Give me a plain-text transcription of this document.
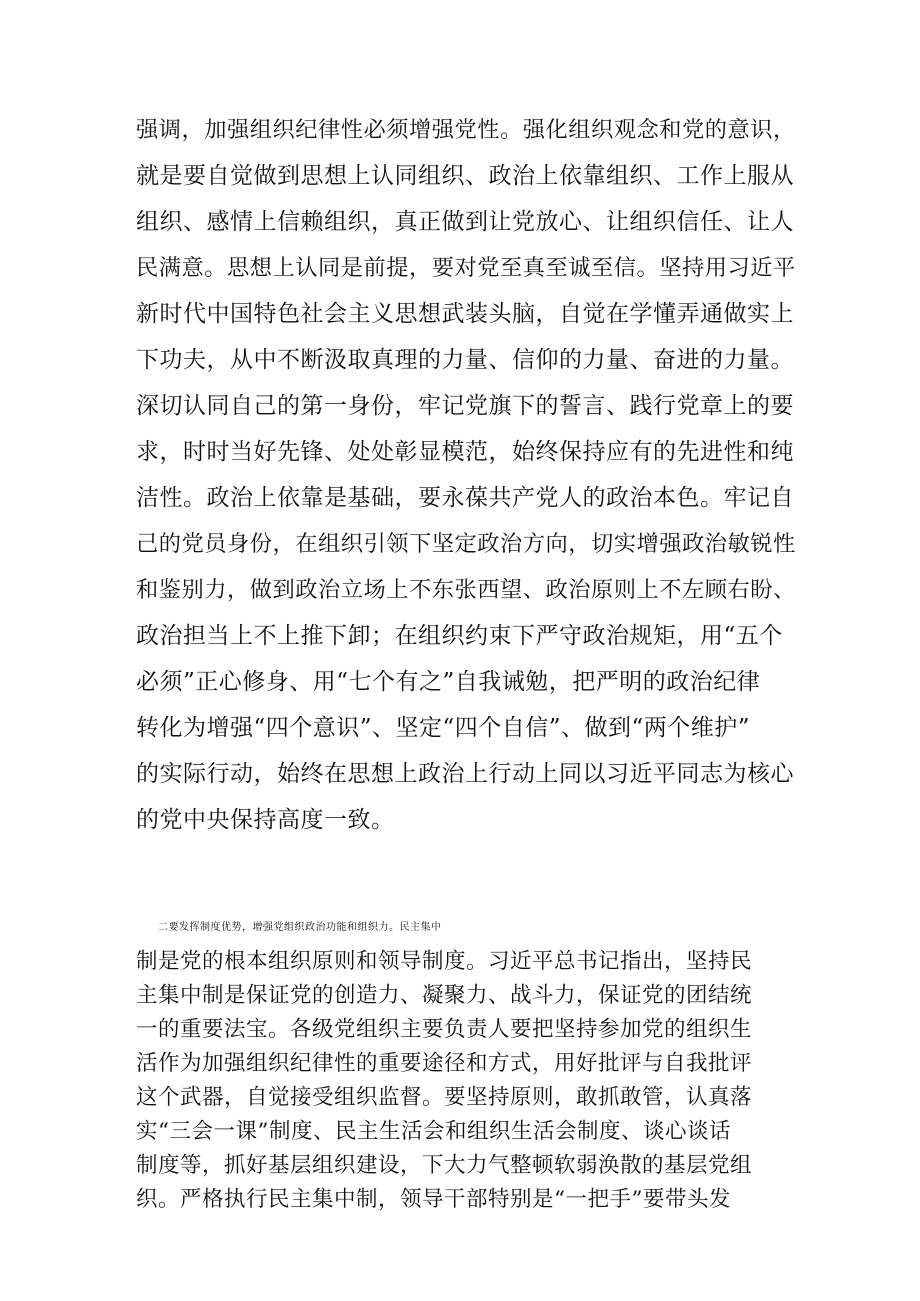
强调，加强组织纪律性必须增强党性。强化组织观念和党的意识，
就是要自觉做到思想上认同组织、政治上依靠组织、工作上服从
组织、感情上信赖组织，真正做到让党放心、让组织信任、让人
民满意。思想上认同是前提，要对党至真至诚至信。坚持用习近平
新时代中国特色社会主义思想武装头脑，自觉在学懂弄通做实上
下功夫，从中不断汲取真理的力量、信仰的力量、奋进的力量。
深切认同自己的第一身份，牢记党旗下的誓言、践行党章上的要
求，时时当好先锋、处处彰显模范，始终保持应有的先进性和纯
洁性。政治上依靠是基础，要永葆共产党人的政治本色。牢记自
己的党员身份，在组织引领下坚定政治方向，切实增强政治敏锐性
和鉴别力，做到政治立场上不东张西望、政治原则上不左顾右盼、
政治担当上不上推下卸；在组织约束下严守政治规矩，用“五个
必须”正心修身、用“七个有之”自我诫勉，把严明的政治纪律
转化为增强“四个意识”、坚定“四个自信”、做到“两个维护”
的实际行动，始终在思想上政治上行动上同以习近平同志为核心
的党中央保持高度一致。
二要发挥制度优势，增强党组织政治功能和组织力。民主集中
制是党的根本组织原则和领导制度。习近平总书记指出，坚持民
主集中制是保证党的创造力、凝聚力、战斗力，保证党的团结统
一的重要法宝。各级党组织主要负责人要把坚持参加党的组织生
活作为加强组织纪律性的重要途径和方式，用好批评与自我批评
这个武器，自觉接受组织监督。要坚持原则，敢抓敢管，认真落
实“三会一课”制度、民主生活会和组织生活会制度、谈心谈话
制度等，抓好基层组织建设，下大力气整顿软弱涣散的基层党组
织。严格执行民主集中制，领导干部特别是“一把手”要带头发
